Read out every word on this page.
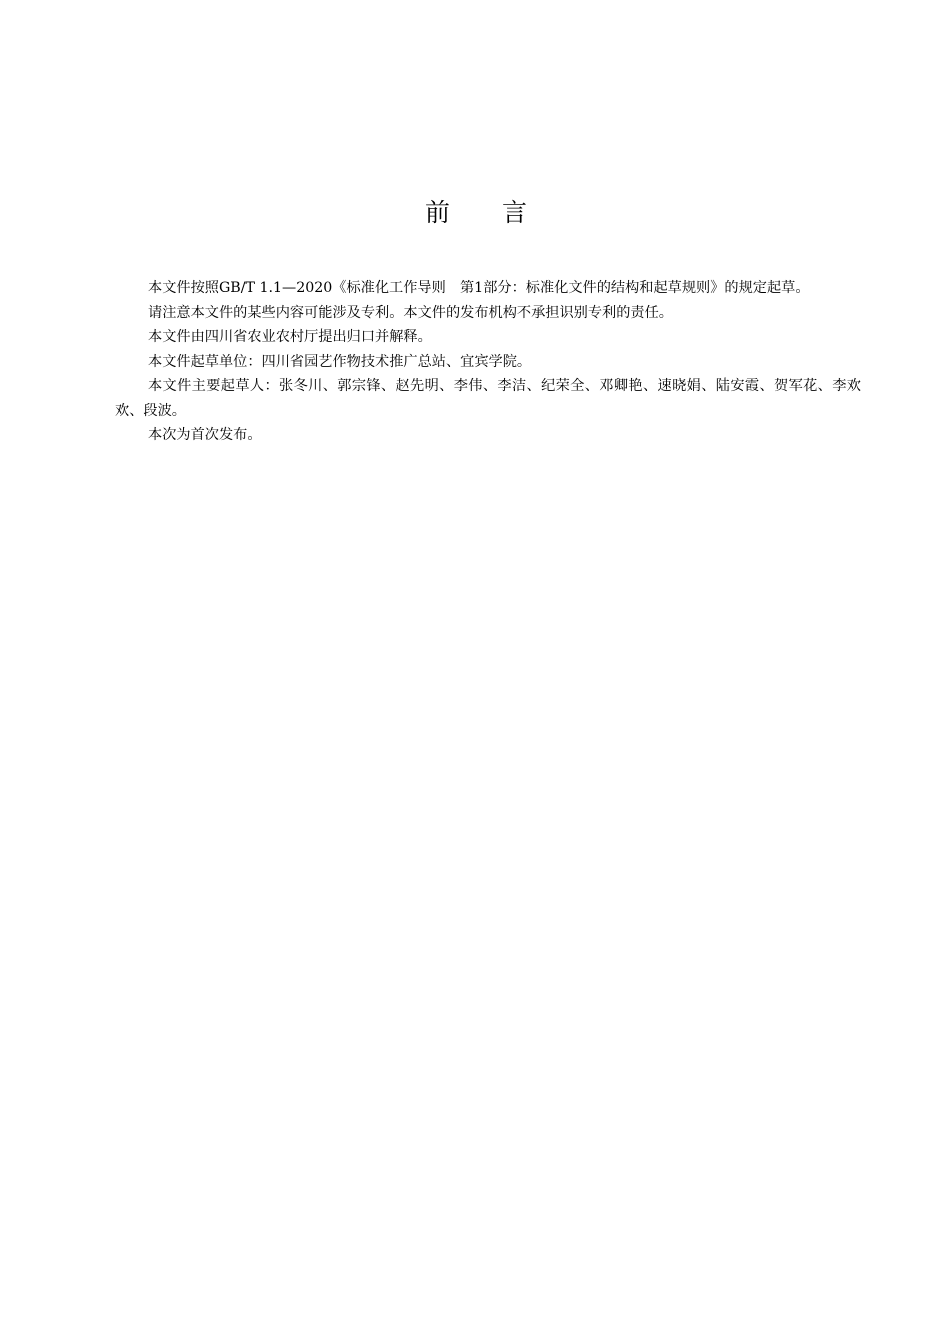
前言

本文件按照GB/T 1.1—2020《标准化工作导则　第1部分：标准化文件的结构和起草规则》的规定起草。

请注意本文件的某些内容可能涉及专利。本文件的发布机构不承担识别专利的责任。

本文件由四川省农业农村厅提出归口并解释。

本文件起草单位：四川省园艺作物技术推广总站、宜宾学院。

本文件主要起草人：张冬川、郭宗锋、赵先明、李伟、李洁、纪荣全、邓卿艳、速晓娟、陆安霞、贺军花、李欢欢、段波。

本次为首次发布。
